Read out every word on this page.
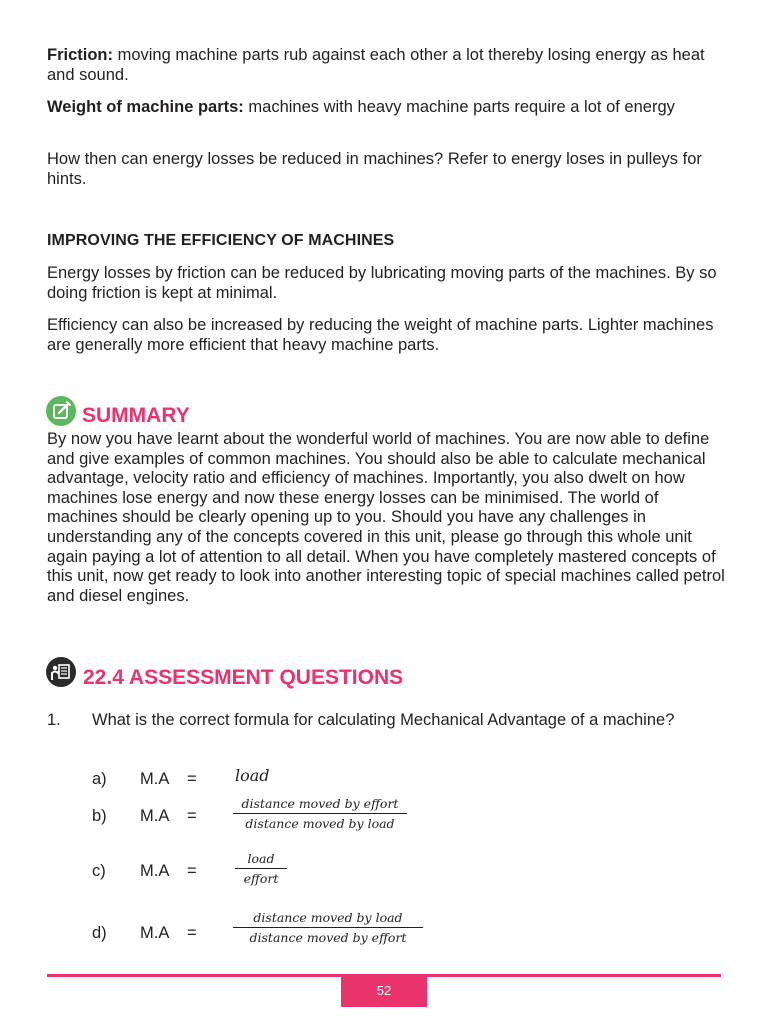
Friction: moving machine parts rub against each other a lot thereby losing energy as heat and sound.
Weight of machine parts: machines with heavy machine parts require a lot of energy
How then can energy losses be reduced in machines? Refer to energy loses in pulleys for hints.
IMPROVING THE EFFICIENCY OF MACHINES
Energy losses by friction can be reduced by lubricating moving parts of the machines. By so doing friction is kept at minimal.
Efficiency can also be increased by reducing the weight of machine parts. Lighter machines are generally more efficient that heavy machine parts.
SUMMARY
By now you have learnt about the wonderful world of machines. You are now able to define and give examples of common machines. You should also be able to calculate mechanical advantage, velocity ratio and efficiency of machines. Importantly, you also dwelt on how machines lose energy and now these energy losses can be minimised. The world of machines should be clearly opening up to you. Should you have any challenges in understanding any of the concepts covered in this unit, please go through this whole unit again paying a lot of attention to all detail. When you have completely mastered concepts of this unit, now get ready to look into another interesting topic of special machines called petrol and diesel engines.
22.4 ASSESSMENT QUESTIONS
1. What is the correct formula for calculating Mechanical Advantage of a machine?
a) M.A = load
b) M.A =
distance moved by effort
distance moved by load
c) M.A =
load
effort
d) M.A =
distance moved by load
distance moved by effort
52
